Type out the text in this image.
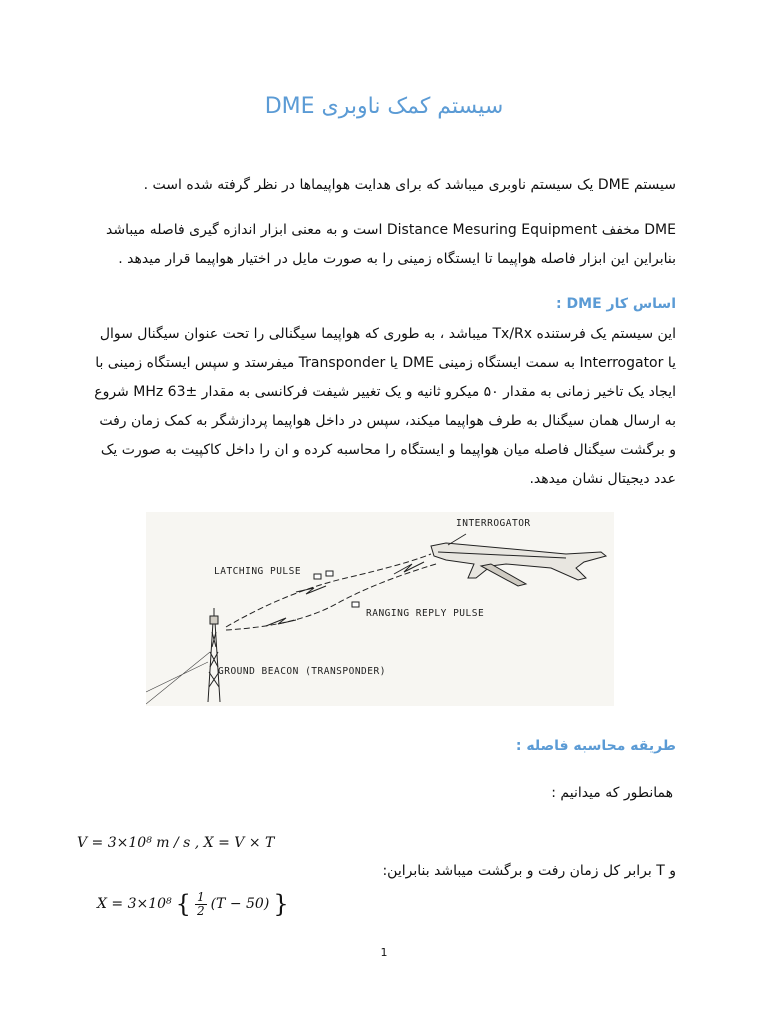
سیستم کمک ناوبری DME
سیستم DME یک سیستم ناوبری میباشد که برای هدایت هواپیماها در نظر گرفته شده است .
DME مخفف Distance Mesuring Equipment است و به معنی ابزار اندازه گیری فاصله میباشد
بنابراین این ابزار فاصله هواپیما تا ایستگاه زمینی را به صورت مایل در اختیار هواپیما قرار میدهد .
اساس کار DME :
این سیستم یک فرستنده Tx/Rx میباشد ، به طوری که هواپیما سیگنالی را تحت عنوان سیگنال سوال
یا Interrogator به سمت ایستگاه زمینی DME یا Transponder میفرستد و سپس ایستگاه زمینی با
ایجاد یک تاخیر زمانی به مقدار ۵۰ میکرو ثانیه و یک تغییر شیفت فرکانسی به مقدار ±63 MHz شروع
به ارسال همان سیگنال به طرف هواپیما میکند، سپس در داخل هواپیما پردازشگر به کمک زمان رفت
و برگشت سیگنال فاصله میان هواپیما و ایستگاه را محاسبه کرده و ان را داخل کاکپیت به صورت یک
عدد دیجیتال نشان میدهد.
INTERROGATOR
LATCHING PULSE
RANGING REPLY PULSE
GROUND BEACON (TRANSPONDER)
طریقه محاسبه فاصله :
همانطور که میدانیم :
V = 3×10⁸ m / s , X = V × T
و T برابر کل زمان رفت و برگشت میباشد بنابراین:
X = 3×10⁸ { $\frac{1}{2} (T - 50)$ }
1
